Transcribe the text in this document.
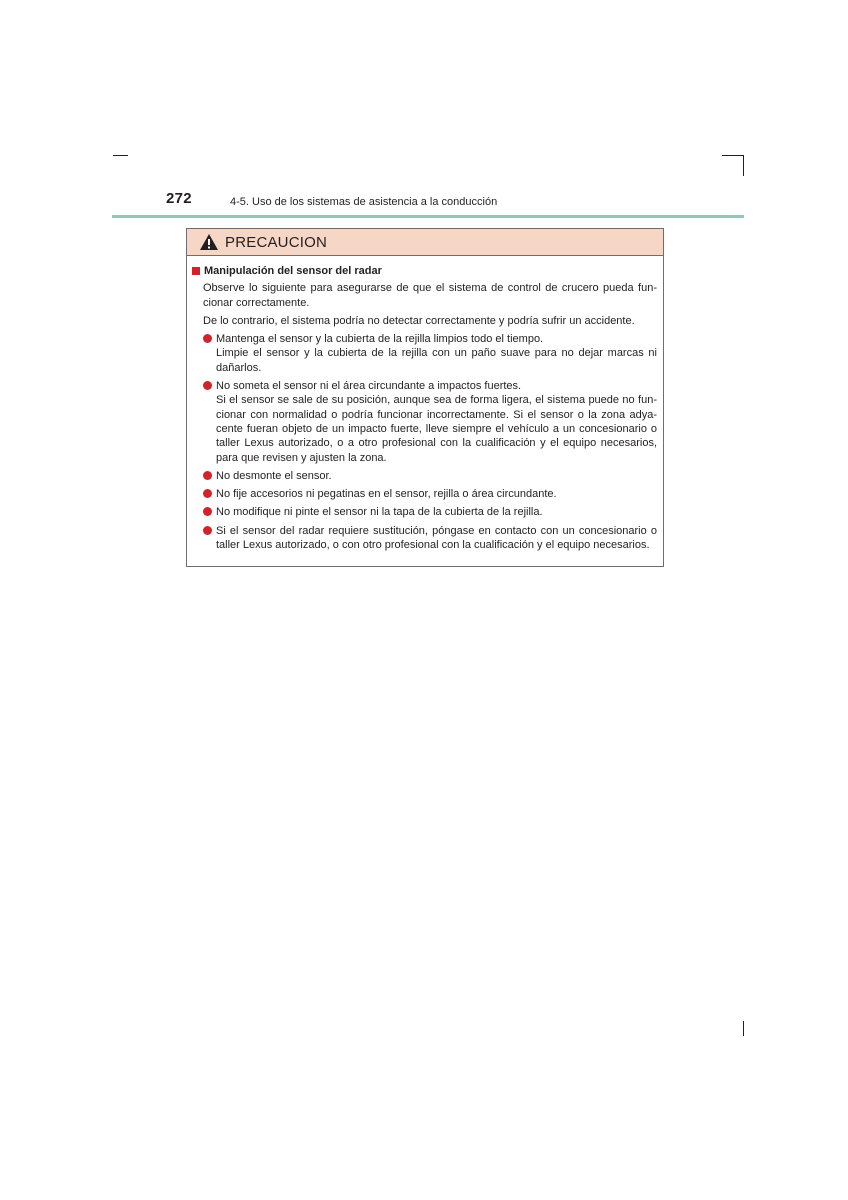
272	4-5. Uso de los sistemas de asistencia a la conducción
PRECAUCION
Manipulación del sensor del radar

Observe lo siguiente para asegurarse de que el sistema de control de crucero pueda fun-cionar correctamente.

De lo contrario, el sistema podría no detectar correctamente y podría sufrir un accidente.

Mantenga el sensor y la cubierta de la rejilla limpios todo el tiempo.
Limpie el sensor y la cubierta de la rejilla con un paño suave para no dejar marcas ni dañarlos.
No someta el sensor ni el área circundante a impactos fuertes.
Si el sensor se sale de su posición, aunque sea de forma ligera, el sistema puede no fun-cionar con normalidad o podría funcionar incorrectamente. Si el sensor o la zona adya-cente fueran objeto de un impacto fuerte, lleve siempre el vehículo a un concesionario o taller Lexus autorizado, o a otro profesional con la cualificación y el equipo necesarios, para que revisen y ajusten la zona.
No desmonte el sensor.
No fije accesorios ni pegatinas en el sensor, rejilla o área circundante.
No modifique ni pinte el sensor ni la tapa de la cubierta de la rejilla.
Si el sensor del radar requiere sustitución, póngase en contacto con un concesionario o taller Lexus autorizado, o con otro profesional con la cualificación y el equipo necesarios.
